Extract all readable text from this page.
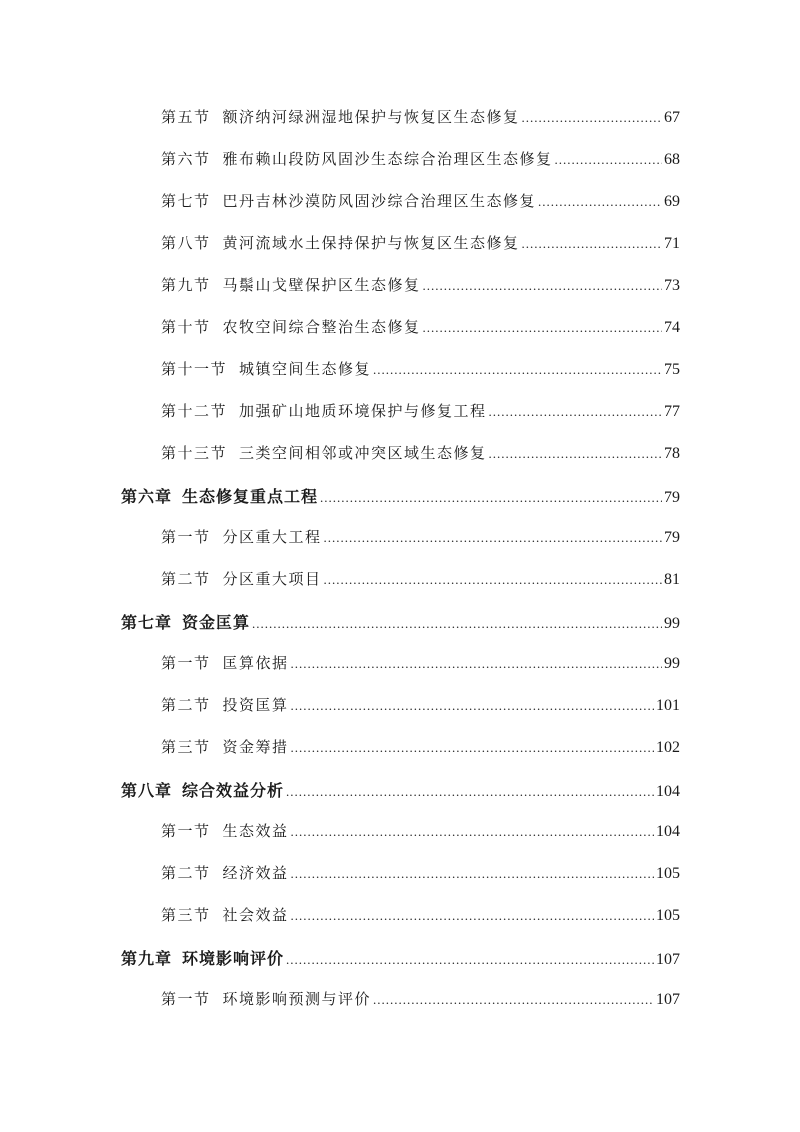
第五节 额济纳河绿洲湿地保护与恢复区生态修复 .....	67
第六节 雅布赖山段防风固沙生态综合治理区生态修复 .....	68
第七节 巴丹吉林沙漠防风固沙综合治理区生态修复 .....	69
第八节 黄河流域水土保持保护与恢复区生态修复 .....	71
第九节 马鬃山戈壁保护区生态修复 .....	73
第十节 农牧空间综合整治生态修复 .....	74
第十一节 城镇空间生态修复 .....	75
第十二节 加强矿山地质环境保护与修复工程 .....	77
第十三节 三类空间相邻或冲突区域生态修复 .....	78
第六章 生态修复重点工程 .....	79
第一节 分区重大工程 .....	79
第二节 分区重大项目 .....	81
第七章 资金匡算 .....	99
第一节 匡算依据 .....	99
第二节 投资匡算 .....	101
第三节 资金筹措 .....	102
第八章 综合效益分析 .....	104
第一节 生态效益 .....	104
第二节 经济效益 .....	105
第三节 社会效益 .....	105
第九章 环境影响评价 .....	107
第一节 环境影响预测与评价 .....	107
